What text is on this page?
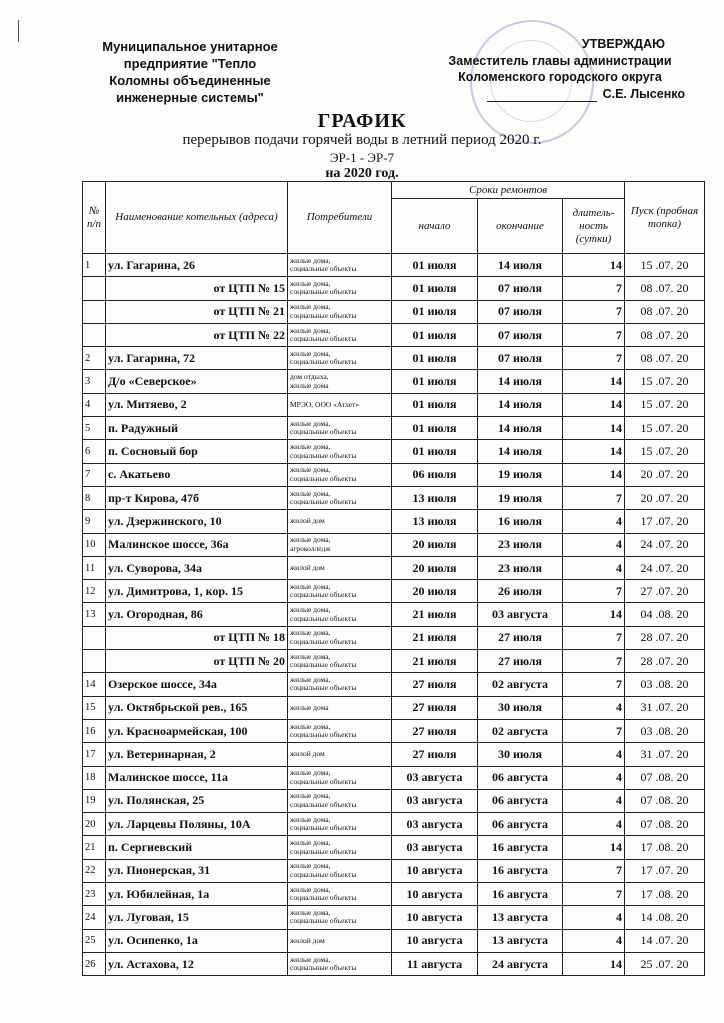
Муниципальное унитарное
предприятие "Тепло
Коломны объединенные
инженерные системы"
УТВЕРЖДАЮ
Заместитель главы администрации
Коломенского городского округа
С.Е. Лысенко
ГРАФИК
перерывов подачи горячей воды в летний период 2020 г.
ЭР-1 - ЭР-7
на 2020 год.
№ п/п	Наименование котельных (адреса)	Потребители	Сроки ремонтов			Пуск (пробная топка)
			начало	окончание	длитель-ность (сутки)	
1	ул. Гагарина, 26	жилые дома,
социальные объекты	01 июля	14 июля	14	15 .07. 20
	от ЦТП № 15	жилые дома,
социальные объекты	01 июля	07 июля	7	08 .07. 20
	от ЦТП № 21	жилые дома,
социальные объекты	01 июля	07 июля	7	08 .07. 20
	от ЦТП № 22	жилые дома,
социальные объекты	01 июля	07 июля	7	08 .07. 20
2	ул. Гагарина, 72	жилые дома,
социальные объекты	01 июля	07 июля	7	08 .07. 20
3	Д/о «Северское»	дом отдыха,
жилые дома	01 июля	14 июля	14	15 .07. 20
4	ул. Митяево, 2	МРЭО, ООО «Атлет»	01 июля	14 июля	14	15 .07. 20
5	п. Радужный	жилые дома,
социальные объекты	01 июля	14 июля	14	15 .07. 20
6	п. Сосновый бор	жилые дома,
социальные объекты	01 июля	14 июля	14	15 .07. 20
7	с. Акатьево	жилые дома,
социальные объекты	06 июля	19 июля	14	20 .07. 20
8	пр-т Кирова, 47б	жилые дома,
социальные объекты	13 июля	19 июля	7	20 .07. 20
9	ул. Дзержинского, 10	жилой дом	13 июля	16 июля	4	17 .07. 20
10	Малинское шоссе, 36а	жилые дома,
агроколледж	20 июля	23 июля	4	24 .07. 20
11	ул. Суворова, 34а	жилой дом	20 июля	23 июля	4	24 .07. 20
12	ул. Димитрова, 1, кор. 15	жилые дома,
социальные объекты	20 июля	26 июля	7	27 .07. 20
13	ул. Огородная, 86	жилые дома,
социальные объекты	21 июля	03 августа	14	04 .08. 20
	от ЦТП № 18	жилые дома,
социальные объекты	21 июля	27 июля	7	28 .07. 20
	от ЦТП № 20	жилые дома,
социальные объекты	21 июля	27 июля	7	28 .07. 20
14	Озерское шоссе, 34а	жилые дома,
социальные объекты	27 июля	02 августа	7	03 .08. 20
15	ул. Октябрьской рев., 165	жилые дома	27 июля	30 июля	4	31 .07. 20
16	ул. Красноармейская, 100	жилые дома,
социальные объекты	27 июля	02 августа	7	03 .08. 20
17	ул. Ветеринарная, 2	жилой дом	27 июля	30 июля	4	31 .07. 20
18	Малинское шоссе, 11а	жилые дома,
социальные объекты	03 августа	06 августа	4	07 .08. 20
19	ул. Полянская, 25	жилые дома,
социальные объекты	03 августа	06 августа	4	07 .08. 20
20	ул. Ларцевы Поляны, 10А	жилые дома,
социальные объекты	03 августа	06 августа	4	07 .08. 20
21	п. Сергиевский	жилые дома,
социальные объекты	03 августа	16 августа	14	17 .08. 20
22	ул. Пионерская, 31	жилые дома,
социальные объекты	10 августа	16 августа	7	17 .07. 20
23	ул. Юбилейная, 1а	жилые дома,
социальные объекты	10 августа	16 августа	7	17 .08. 20
24	ул. Луговая, 15	жилые дома,
социальные объекты	10 августа	13 августа	4	14 .08. 20
25	ул. Осипенко, 1а	жилой дом	10 августа	13 августа	4	14 .07. 20
26	ул. Астахова, 12	жилые дома,
социальные объекты	11 августа	24 августа	14	25 .07. 20
